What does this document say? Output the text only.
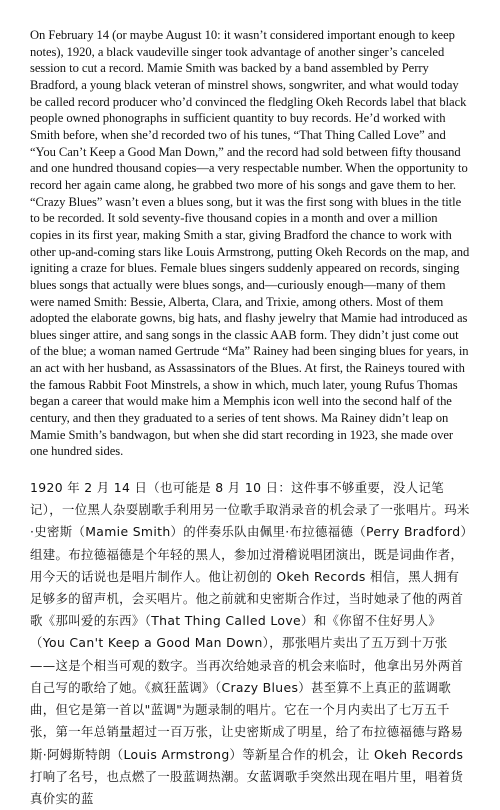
On February 14 (or maybe August 10: it wasn’t considered important enough to keep notes), 1920, a black vaudeville singer took advantage of another singer’s canceled session to cut a record. Mamie Smith was backed by a band assembled by Perry Bradford, a young black veteran of minstrel shows, songwriter, and what would today be called record producer who’d convinced the fledgling Okeh Records label that black people owned phonographs in sufficient quantity to buy records. He’d worked with Smith before, when she’d recorded two of his tunes, “That Thing Called Love” and “You Can’t Keep a Good Man Down,” and the record had sold between fifty thousand and one hundred thousand copies—a very respectable number. When the opportunity to record her again came along, he grabbed two more of his songs and gave them to her. “Crazy Blues” wasn’t even a blues song, but it was the first song with blues in the title to be recorded. It sold seventy-five thousand copies in a month and over a million copies in its first year, making Smith a star, giving Bradford the chance to work with other up-and-coming stars like Louis Armstrong, putting Okeh Records on the map, and igniting a craze for blues. Female blues singers suddenly appeared on records, singing blues songs that actually were blues songs, and—curiously enough—many of them were named Smith: Bessie, Alberta, Clara, and Trixie, among others. Most of them adopted the elaborate gowns, big hats, and flashy jewelry that Mamie had introduced as blues singer attire, and sang songs in the classic AAB form. They didn’t just come out of the blue; a woman named Gertrude “Ma” Rainey had been singing blues for years, in an act with her husband, as Assassinators of the Blues. At first, the Raineys toured with the famous Rabbit Foot Minstrels, a show in which, much later, young Rufus Thomas began a career that would make him a Memphis icon well into the second half of the century, and then they graduated to a series of tent shows. Ma Rainey didn’t leap on Mamie Smith’s bandwagon, but when she did start recording in 1923, she made over one hundred sides.

1920 年 2 月 14 日（也可能是 8 月 10 日：这件事不够重要，没人记笔记），一位黑人杂耍剧歌手利用另一位歌手取消录音的机会录了一张唱片。玛米·史密斯（Mamie Smith）的伴奏乐队由佩里·布拉德福德（Perry Bradford）组建。布拉德福德是个年轻的黑人，参加过滑稽说唱团演出，既是词曲作者，用今天的话说也是唱片制作人。他让初创的 Okeh Records 相信，黑人拥有足够多的留声机，会买唱片。他之前就和史密斯合作过，当时她录了他的两首歌《那叫爱的东西》（That Thing Called Love）和《你留不住好男人》（You Can't Keep a Good Man Down），那张唱片卖出了五万到十万张——这是个相当可观的数字。当再次给她录音的机会来临时，他拿出另外两首自己写的歌给了她。《疯狂蓝调》（Crazy Blues）甚至算不上真正的蓝调歌曲，但它是第一首以"蓝调"为题录制的唱片。它在一个月内卖出了七万五千张，第一年总销量超过一百万张，让史密斯成了明星，给了布拉德福德与路易斯·阿姆斯特朗（Louis Armstrong）等新星合作的机会，让 Okeh Records 打响了名号，也点燃了一股蓝调热潮。女蓝调歌手突然出现在唱片里，唱着货真价实的蓝
